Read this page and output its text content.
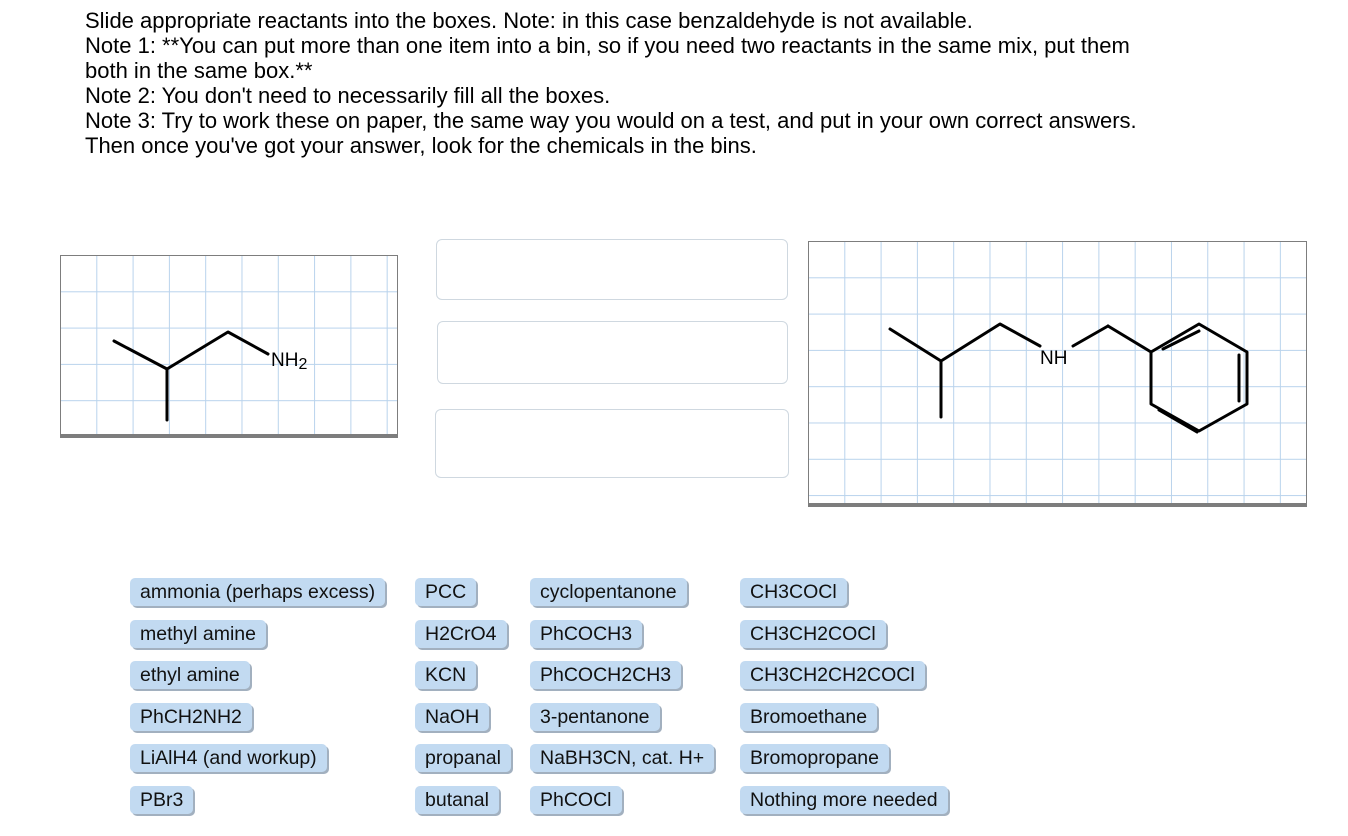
Slide appropriate reactants into the boxes. Note: in this case benzaldehyde is not available.

Note 1: **You can put more than one item into a bin, so if you need two reactants in the same mix, put them

both in the same box.**

Note 2: You don't need to necessarily fill all the boxes.

Note 3: Try to work these on paper, the same way you would on a test, and put in your own correct answers.

Then once you've got your answer, look for the chemicals in the bins.

NH2	NH
ammonia (perhaps excess)
methyl amine
ethyl amine
PhCH2NH2
LiAlH4 (and workup)
PBr3
PCC
H2CrO4
KCN
NaOH
propanal
butanal
cyclopentanone
PhCOCH3
PhCOCH2CH3
3-pentanone
NaBH3CN, cat. H+
PhCOCl
CH3COCl
CH3CH2COCl
CH3CH2CH2COCl
Bromoethane
Bromopropane
Nothing more needed
